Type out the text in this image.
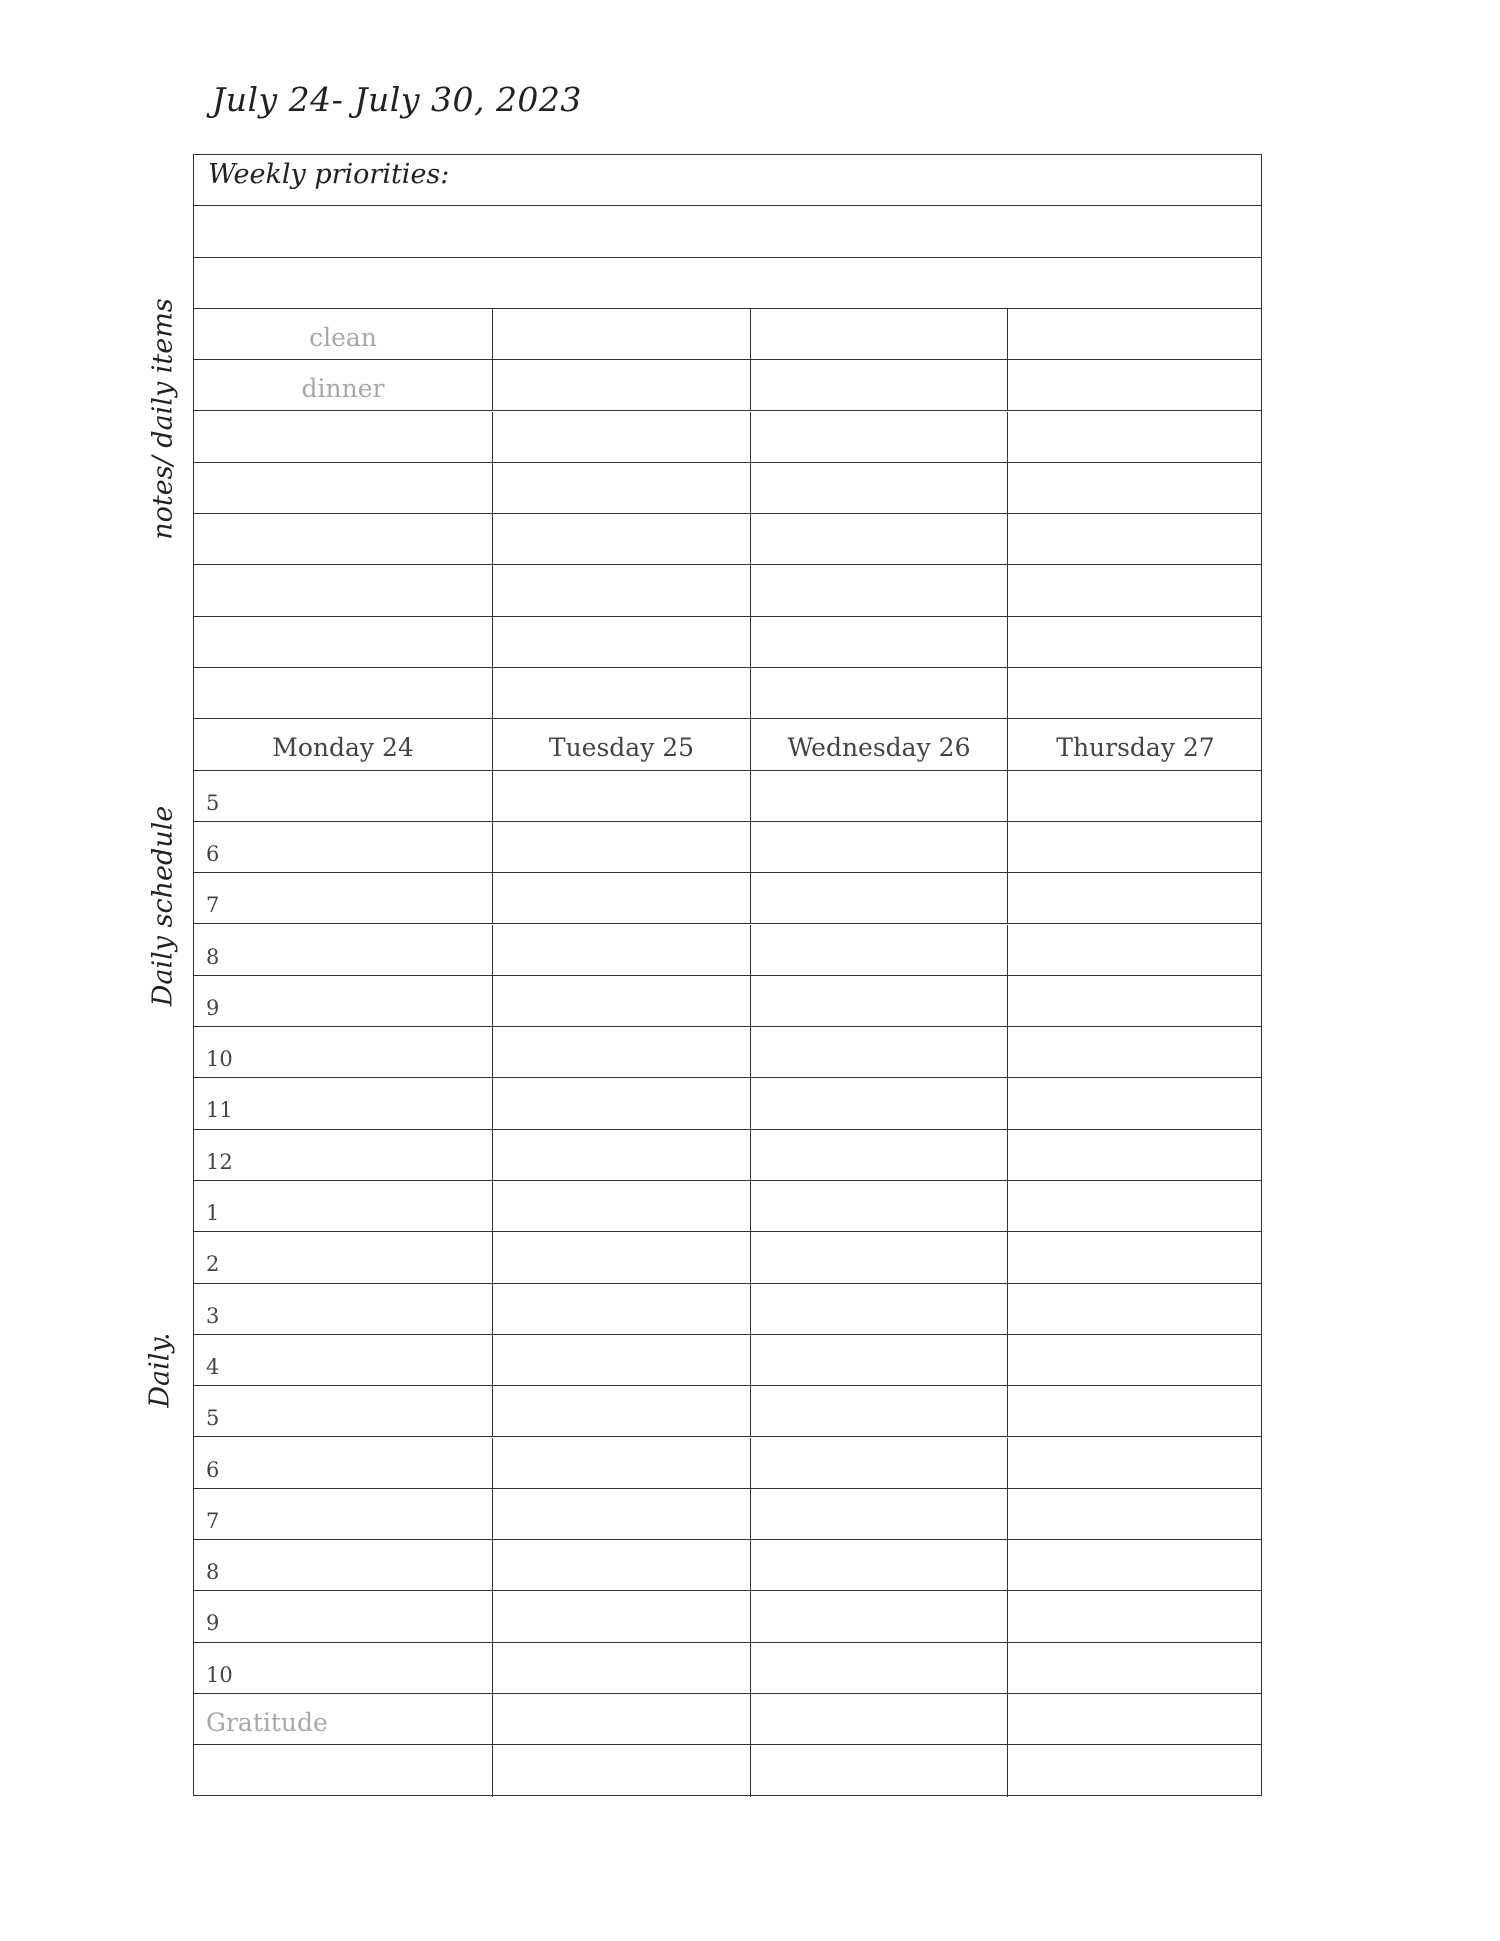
July 24- July 30, 2023
notes/ daily items
Daily schedule
Daily.
Weekly priorities:
clean
dinner
Monday 24	Tuesday 25	Wednesday 26	Thursday 27
5
6
7
8
9
10
11
12
1
2
3
4
5
6
7
8
9
10
Gratitude
